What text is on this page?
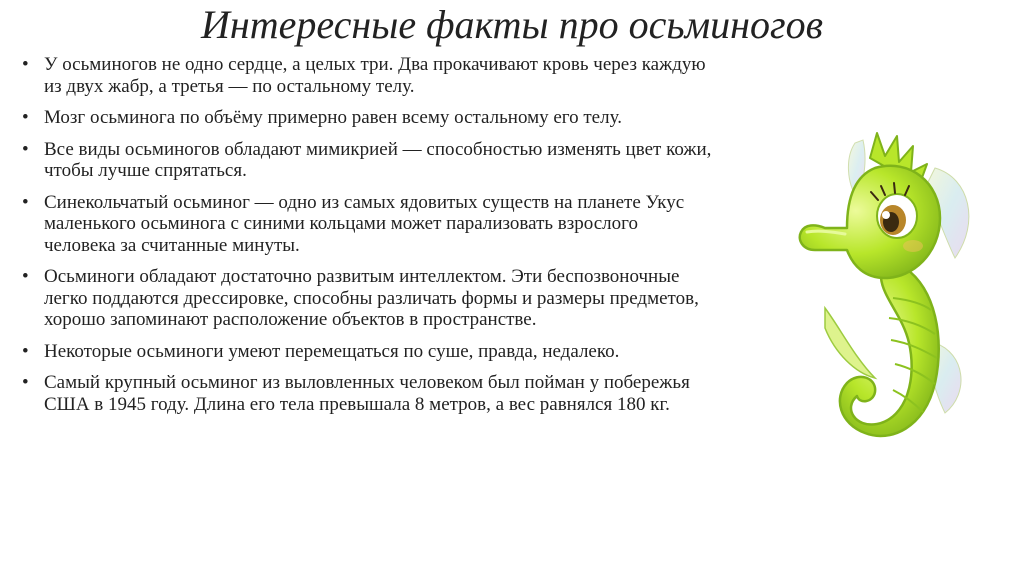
Интересные факты про осьминогов
• У осьминогов не одно сердце, а целых три. Два прокачивают кровь через каждую из двух жабр, а третья — по остальному телу.
• Мозг осьминога по объёму примерно равен всему остальному его телу.
• Все виды осьминогов обладают мимикрией — способностью изменять цвет кожи, чтобы лучше спрятаться.
• Синекольчатый осьминог — одно из самых ядовитых существ на планете Укус маленького осьминога с синими кольцами может парализовать взрослого человека за считанные минуты.
• Осьминоги обладают достаточно развитым интеллектом. Эти беспозвоночные легко поддаются дрессировке, способны различать формы и размеры предметов, хорошо запоминают расположение объектов в пространстве.
• Некоторые осьминоги умеют перемещаться по суше, правда, недалеко.
• Самый крупный осьминог из выловленных человеком был пойман у побережья США в 1945 году. Длина его тела превышала 8 метров, а вес равнялся 180 кг.
